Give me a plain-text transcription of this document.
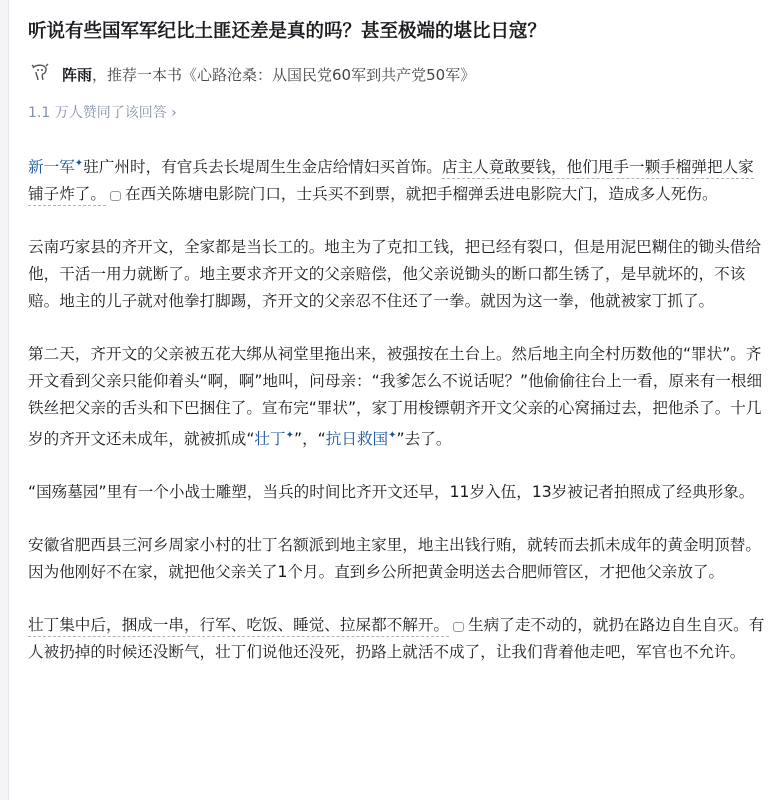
听说有些国军军纪比土匪还差是真的吗？甚至极端的堪比日寇？
阵雨 ，推荐一本书《心路沧桑：从国民党60军到共产党50军》
1.1 万人赞同了该回答 ›

新一军✦驻广州时，有官兵去长堤周生生金店给情妇买首饰。店主人竟敢要钱，他们甩手一颗手榴弹把人家铺子炸了。 在西关陈塘电影院门口，士兵买不到票，就把手榴弹丢进电影院大门，造成多人死伤。

云南巧家县的齐开文，全家都是当长工的。地主为了克扣工钱，把已经有裂口，但是用泥巴糊住的锄头借给他，干活一用力就断了。地主要求齐开文的父亲赔偿，他父亲说锄头的断口都生锈了，是早就坏的，不该赔。地主的儿子就对他拳打脚踢，齐开文的父亲忍不住还了一拳。就因为这一拳，他就被家丁抓了。

第二天，齐开文的父亲被五花大绑从祠堂里拖出来，被强按在土台上。然后地主向全村历数他的“罪状”。齐开文看到父亲只能仰着头“啊，啊”地叫，问母亲：“我爹怎么不说话呢？”他偷偷往台上一看，原来有一根细铁丝把父亲的舌头和下巴捆住了。宣布完“罪状”，家丁用梭镖朝齐开文父亲的心窝捅过去，把他杀了。十几岁的齐开文还未成年，就被抓成“壮丁✦”，“抗日救国✦”去了。

“国殇墓园”里有一个小战士雕塑，当兵的时间比齐开文还早，11岁入伍，13岁被记者拍照成了经典形象。

安徽省肥西县三河乡周家小村的壮丁名额派到地主家里，地主出钱行贿，就转而去抓未成年的黄金明顶替。因为他刚好不在家，就把他父亲关了1个月。直到乡公所把黄金明送去合肥师管区，才把他父亲放了。

壮丁集中后，捆成一串，行军、吃饭、睡觉、拉屎都不解开。 生病了走不动的，就扔在路边自生自灭。有人被扔掉的时候还没断气，壮丁们说他还没死，扔路上就活不成了，让我们背着他走吧，军官也不允许。
